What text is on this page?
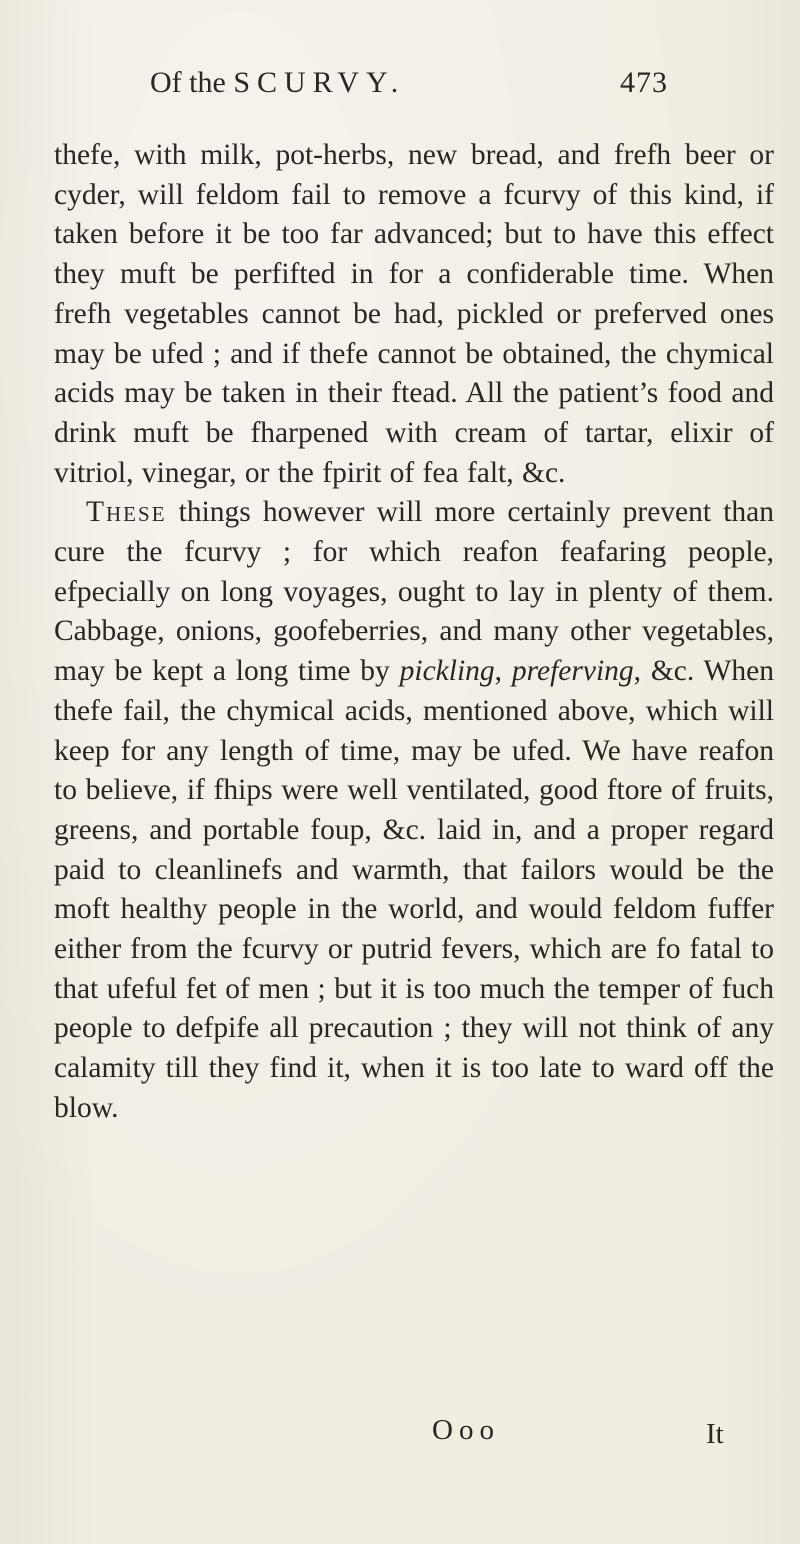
Of the SCURVY.	473

thefe, with milk, pot-herbs, new bread, and frefh beer or cyder, will feldom fail to remove a fcurvy of this kind, if taken before it be too far advanced; but to have this effect they muft be perfifted in for a confiderable time. When frefh vegetables cannot be had, pickled or preferved ones may be ufed ; and if thefe cannot be obtained, the chymical acids may be taken in their ftead. All the patient’s food and drink muft be fharpened with cream of tartar, elixir of vitriol, vinegar, or the fpirit of fea falt, &c.

These things however will more certainly prevent than cure the fcurvy ; for which reafon feafaring people, efpecially on long voyages, ought to lay in plenty of them. Cabbage, onions, goofeberries, and many other vegetables, may be kept a long time by pickling, preferving, &c. When thefe fail, the chymical acids, mentioned above, which will keep for any length of time, may be ufed. We have reafon to believe, if fhips were well ventilated, good ftore of fruits, greens, and portable foup, &c. laid in, and a proper regard paid to cleanlinefs and warmth, that failors would be the moft healthy people in the world, and would feldom fuffer either from the fcurvy or putrid fevers, which are fo fatal to that ufeful fet of men ; but it is too much the temper of fuch people to defpife all precaution ; they will not think of any calamity till they find it, when it is too late to ward off the blow.

Ooo	It
